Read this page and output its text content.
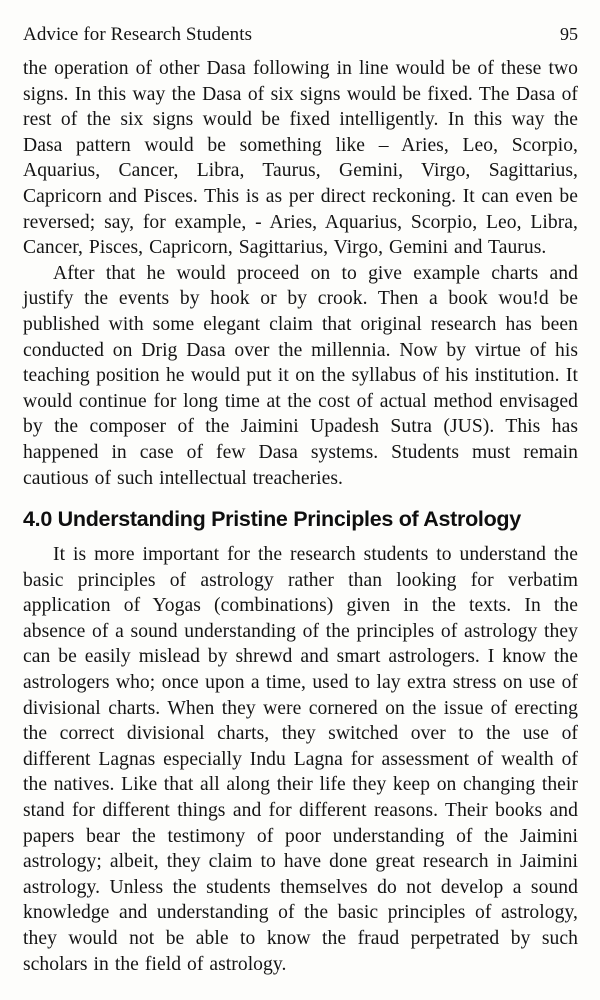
Advice for Research Students	95

the operation of other Dasa following in line would be of these two signs. In this way the Dasa of six signs would be fixed. The Dasa of rest of the six signs would be fixed intelligently. In this way the Dasa pattern would be something like – Aries, Leo, Scorpio, Aquarius, Cancer, Libra, Taurus, Gemini, Virgo, Sagittarius, Capricorn and Pisces. This is as per direct reckoning. It can even be reversed; say, for example, - Aries, Aquarius, Scorpio, Leo, Libra, Cancer, Pisces, Capricorn, Sagittarius, Virgo, Gemini and Taurus.

After that he would proceed on to give example charts and justify the events by hook or by crook. Then a book wou!d be published with some elegant claim that original research has been conducted on Drig Dasa over the millennia. Now by virtue of his teaching position he would put it on the syllabus of his institution. It would continue for long time at the cost of actual method envisaged by the composer of the Jaimini Upadesh Sutra (JUS). This has happened in case of few Dasa systems. Students must remain cautious of such intellectual treacheries.

4.0 Understanding Pristine Principles of Astrology

It is more important for the research students to understand the basic principles of astrology rather than looking for verbatim application of Yogas (combinations) given in the texts. In the absence of a sound understanding of the principles of astrology they can be easily mislead by shrewd and smart astrologers. I know the astrologers who; once upon a time, used to lay extra stress on use of divisional charts. When they were cornered on the issue of erecting the correct divisional charts, they switched over to the use of different Lagnas especially Indu Lagna for assessment of wealth of the natives. Like that all along their life they keep on changing their stand for different things and for different reasons. Their books and papers bear the testimony of poor understanding of the Jaimini astrology; albeit, they claim to have done great research in Jaimini astrology. Unless the students themselves do not develop a sound knowledge and understanding of the basic principles of astrology, they would not be able to know the fraud perpetrated by such scholars in the field of astrology.
